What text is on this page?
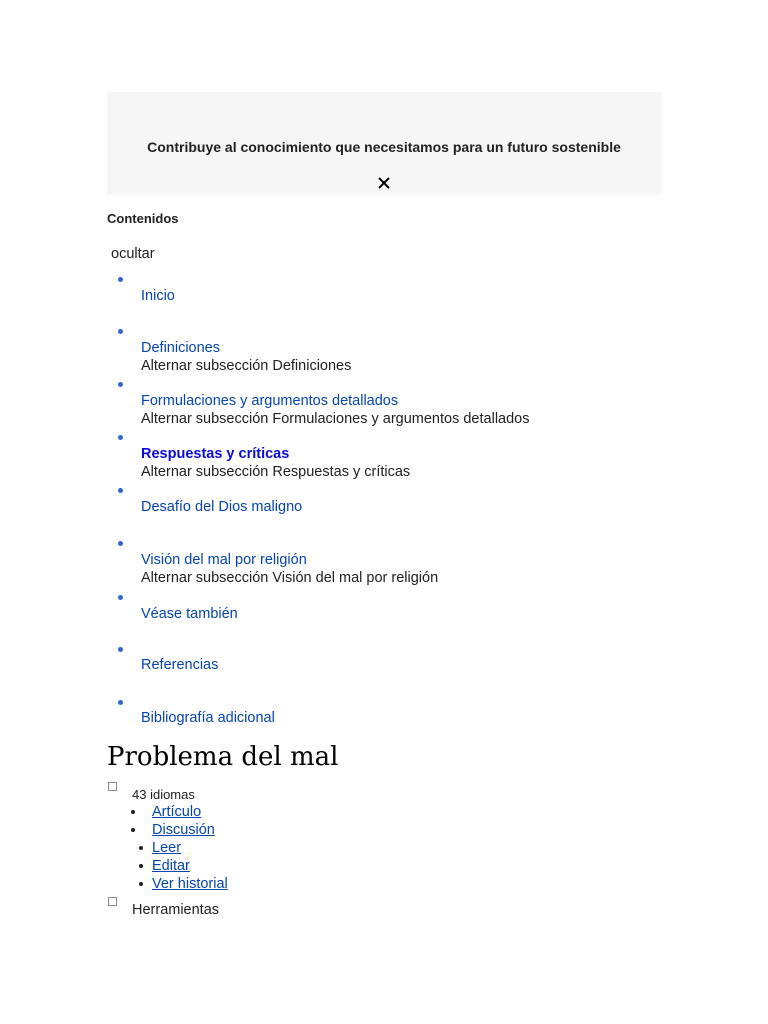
Contribuye al conocimiento que necesitamos para un futuro sostenible
Contenidos
ocultar
Inicio
Definiciones
Alternar subsección Definiciones
Formulaciones y argumentos detallados
Alternar subsección Formulaciones y argumentos detallados
Respuestas y críticas
Alternar subsección Respuestas y críticas
Desafío del Dios maligno
Visión del mal por religión
Alternar subsección Visión del mal por religión
Véase también
Referencias
Bibliografía adicional
Problema del mal
43 idiomas
Artículo
Discusión
Leer
Editar
Ver historial
Herramientas
